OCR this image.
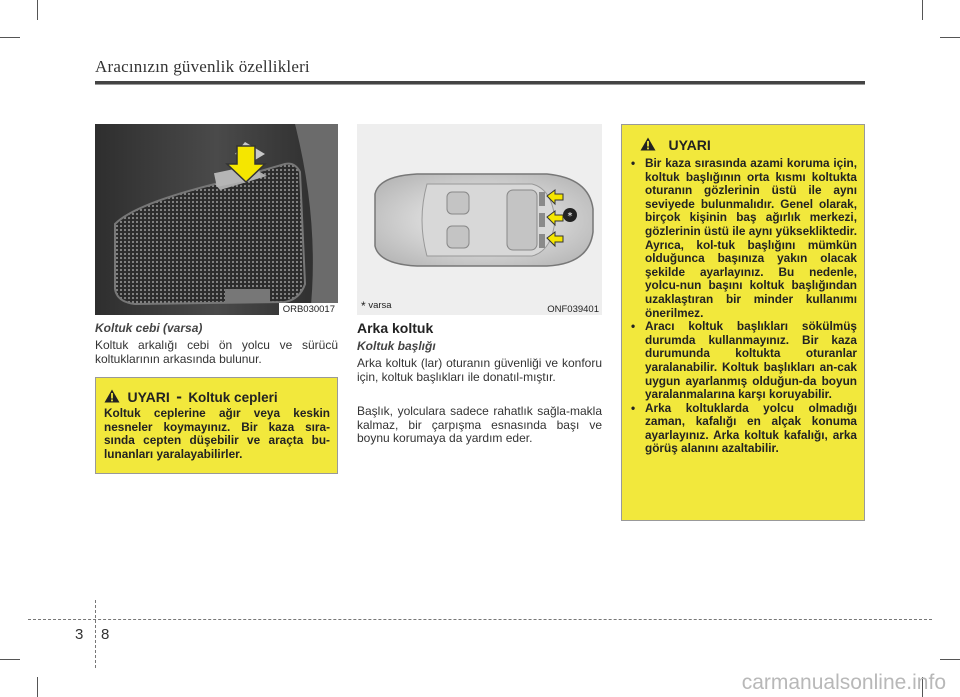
Aracınızın güvenlik özellikleri
ORB030017
Koltuk cebi (varsa)
Koltuk arkalığı cebi ön yolcu ve sürücü koltuklarının arkasında bulunur.
UYARI - Koltuk cepleri
Koltuk ceplerine ağır veya keskin nesneler koymayınız. Bir kaza sıra-sında cepten düşebilir ve araçta bu-lunanları yaralayabilirler.
*
* varsa	ONF039401
Arka koltuk
Koltuk başlığı
Arka koltuk (lar) oturanın güvenliği ve konforu için, koltuk başlıkları ile donatıl-mıştır.
Başlık, yolculara sadece rahatlık sağla-makla kalmaz, bir çarpışma esnasında başı ve boynu korumaya da yardım eder.
UYARI
• Bir kaza sırasında azami koruma için, koltuk başlığının orta kısmı koltukta oturanın gözlerinin üstü ile aynı seviyede bulunmalıdır. Genel olarak, birçok kişinin baş ağırlık merkezi, gözlerinin üstü ile aynı yüksekliktedir. Ayrıca, kol-tuk başlığını mümkün olduğunca başınıza yakın olacak şekilde ayarlayınız. Bu nedenle, yolcu-nun başını koltuk başlığından uzaklaştıran bir minder kullanımı önerilmez.
• Aracı koltuk başlıkları sökülmüş durumda kullanmayınız. Bir kaza durumunda koltukta oturanlar yaralanabilir. Koltuk başlıkları an-cak uygun ayarlanmış olduğun-da boyun yaralanmalarına karşı koruyabilir.
• Arka koltuklarda yolcu olmadığı zaman, kafalığı en alçak konuma ayarlayınız. Arka koltuk kafalığı, arka görüş alanını azaltabilir.
3 8
carmanualsonline.info
